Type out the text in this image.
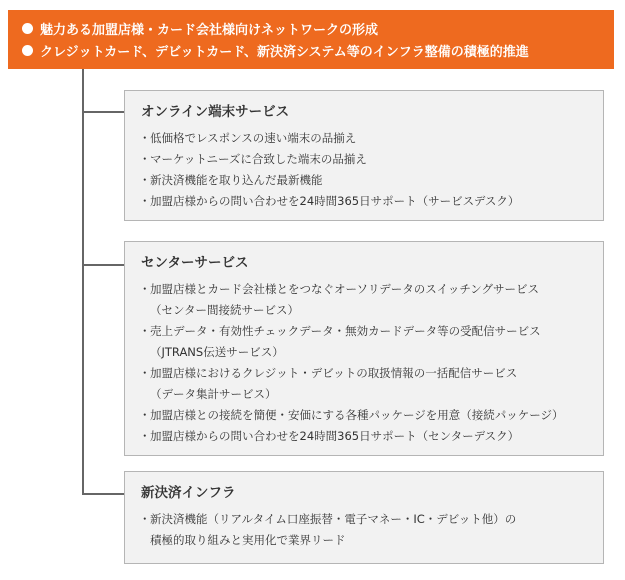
魅力ある加盟店様・カード会社様向けネットワークの形成
クレジットカード、デビットカード、新決済システム等のインフラ整備の積極的推進
オンライン端末サービス
・低価格でレスポンスの速い端末の品揃え
・マーケットニーズに合致した端末の品揃え
・新決済機能を取り込んだ最新機能
・加盟店様からの問い合わせを24時間365日サポート（サービスデスク）
センターサービス
・加盟店様とカード会社様とをつなぐオーソリデータのスイッチングサービス
（センター間接続サービス）
・売上データ・有効性チェックデータ・無効カードデータ等の受配信サービス
（JTRANS伝送サービス）
・加盟店様におけるクレジット・デビットの取扱情報の一括配信サービス
（データ集計サービス）
・加盟店様との接続を簡便・安価にする各種パッケージを用意（接続パッケージ）
・加盟店様からの問い合わせを24時間365日サポート（センターデスク）
新決済インフラ
・新決済機能（リアルタイム口座振替・電子マネー・IC・デビット他）の
積極的取り組みと実用化で業界リード
